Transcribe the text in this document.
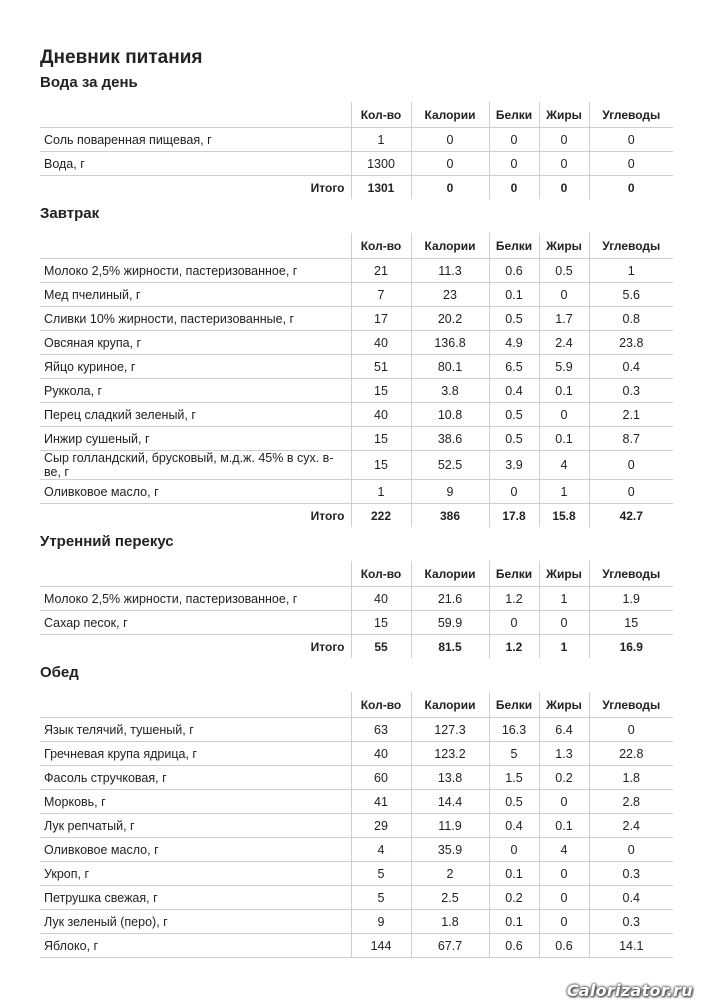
Дневник питания
Вода за день
	Кол-во	Калории	Белки	Жиры	Углеводы
Соль поваренная пищевая, г	1	0	0	0	0
Вода, г	1300	0	0	0	0
Итого	1301	0	0	0	0
Завтрак
	Кол-во	Калории	Белки	Жиры	Углеводы
Молоко 2,5% жирности, пастеризованное, г	21	11.3	0.6	0.5	1
Мед пчелиный, г	7	23	0.1	0	5.6
Сливки 10% жирности, пастеризованные, г	17	20.2	0.5	1.7	0.8
Овсяная крупа, г	40	136.8	4.9	2.4	23.8
Яйцо куриное, г	51	80.1	6.5	5.9	0.4
Руккола, г	15	3.8	0.4	0.1	0.3
Перец сладкий зеленый, г	40	10.8	0.5	0	2.1
Инжир сушеный, г	15	38.6	0.5	0.1	8.7
Сыр голландский, брусковый, м.д.ж. 45% в сух. в-ве, г	15	52.5	3.9	4	0
Оливковое масло, г	1	9	0	1	0
Итого	222	386	17.8	15.8	42.7
Утренний перекус
	Кол-во	Калории	Белки	Жиры	Углеводы
Молоко 2,5% жирности, пастеризованное, г	40	21.6	1.2	1	1.9
Сахар песок, г	15	59.9	0	0	15
Итого	55	81.5	1.2	1	16.9
Обед
	Кол-во	Калории	Белки	Жиры	Углеводы
Язык телячий, тушеный, г	63	127.3	16.3	6.4	0
Гречневая крупа ядрица, г	40	123.2	5	1.3	22.8
Фасоль стручковая, г	60	13.8	1.5	0.2	1.8
Морковь, г	41	14.4	0.5	0	2.8
Лук репчатый, г	29	11.9	0.4	0.1	2.4
Оливковое масло, г	4	35.9	0	4	0
Укроп, г	5	2	0.1	0	0.3
Петрушка свежая, г	5	2.5	0.2	0	0.4
Лук зеленый (перо), г	9	1.8	0.1	0	0.3
Яблоко, г	144	67.7	0.6	0.6	14.1
Calorizator.ru
